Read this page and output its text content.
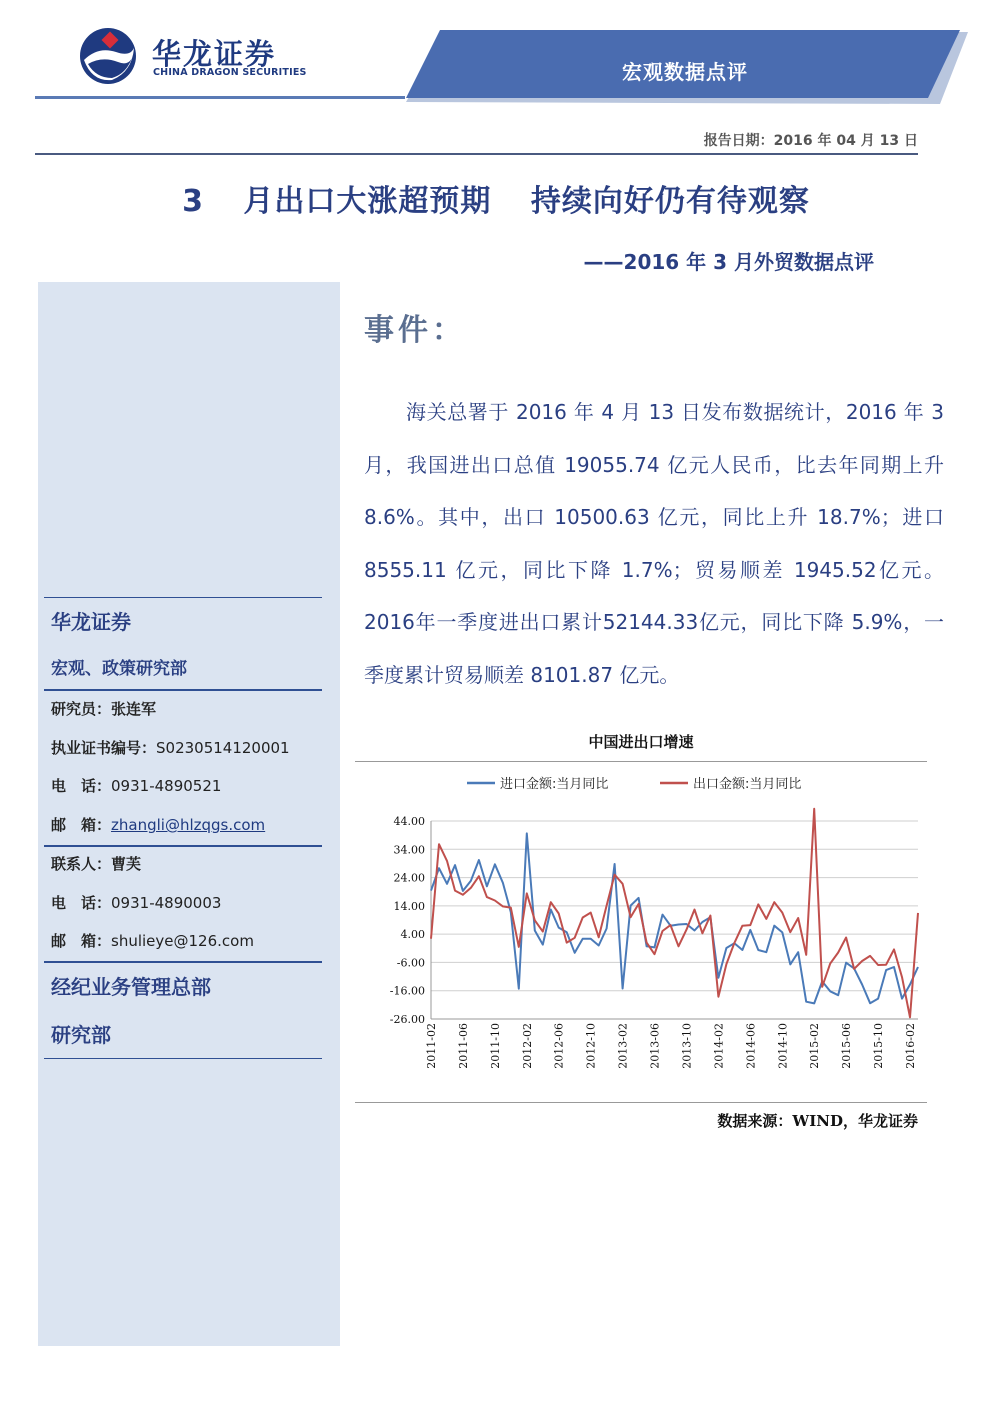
华龙证券
CHINA DRAGON SECURITIES	宏观数据点评
报告日期：2016 年 04 月 13 日
3 月出口大涨超预期 持续向好仍有待观察
——2016 年 3 月外贸数据点评
华龙证券
宏观、政策研究部
研究员：张连军
执业证书编号：S0230514120001
电　话：0931-4890521
邮　箱：zhangli@hlzqgs.com
联系人：曹芙
电　话：0931-4890003
邮　箱：shulieye@126.com
经纪业务管理总部
研究部
事件：
海关总署于 2016 年 4 月 13 日发布数据统计，2016 年 3 月，我国进出口总值 19055.74 亿元人民币，比去年同期上升 8.6%。其中，出口 10500.63 亿元，同比上升 18.7%；进口 8555.11 亿元，同比下降 1.7%；贸易顺差 1945.52亿元。2016年一季度进出口累计52144.33亿元，同比下降 5.9%，一季度累计贸易顺差 8101.87 亿元。
中国进出口增速
44.00
34.00
24.00
14.00
4.00
-6.00
-16.00
-26.00
2011-02 2011-06 2011-10 2012-02 2012-06 2012-10 2013-02 2013-06 2013-10 2014-02 2014-06 2014-10 2015-02 2015-06 2015-10 2016-02
进口金额:当月同比	出口金额:当月同比
数据来源：WIND，华龙证券
